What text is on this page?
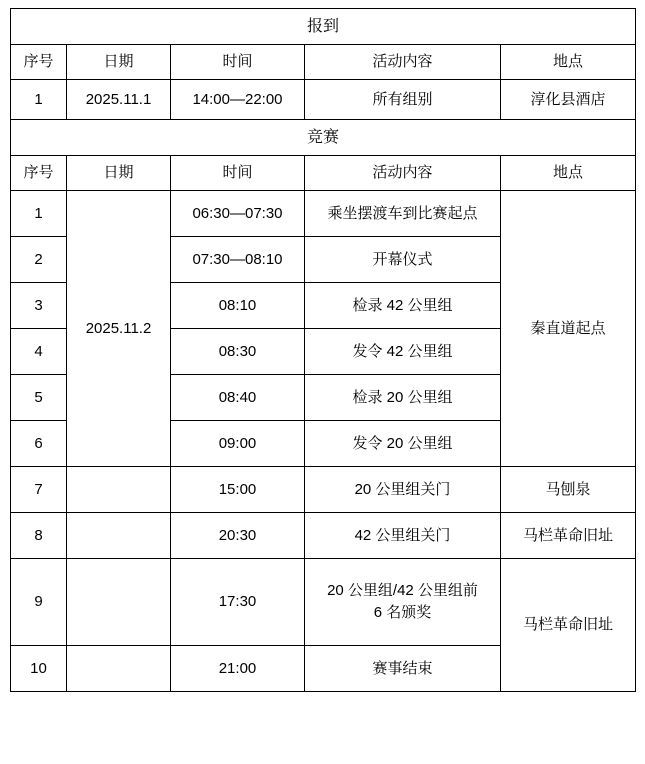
报到				
序号	日期	时间	活动内容	地点
1	2025.11.1	14:00—22:00	所有组别	淳化县酒店
竞赛				
序号	日期	时间	活动内容	地点
1	2025.11.2	06:30—07:30	乘坐摆渡车到比赛起点	秦直道起点
2		07:30—08:10	开幕仪式	
3		08:10	检录 42 公里组	
4		08:30	发令 42 公里组	
5		08:40	检录 20 公里组	
6		09:00	发令 20 公里组	
7		15:00	20 公里组关门	马刨泉
8		20:30	42 公里组关门	马栏革命旧址
9		17:30	20 公里组/42 公里组前
6 名颁奖	马栏革命旧址
10		21:00	赛事结束	
